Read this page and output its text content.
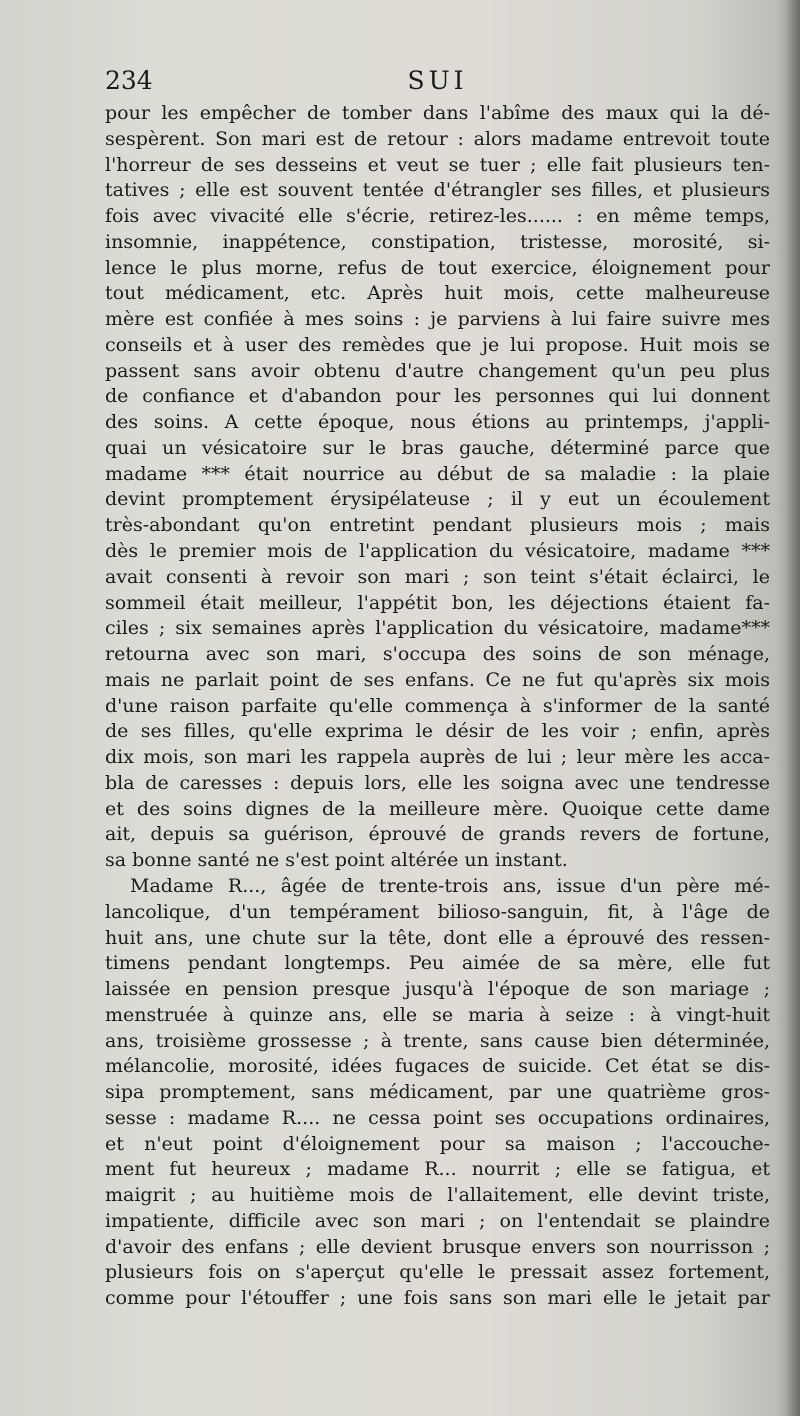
234	SUI
pour les empêcher de tomber dans l'abîme des maux qui la dé-
sespèrent. Son mari est de retour : alors madame entrevoit toute
l'horreur de ses desseins et veut se tuer ; elle fait plusieurs ten-
tatives ; elle est souvent tentée d'étrangler ses filles, et plusieurs
fois avec vivacité elle s'écrie, retirez-les...... : en même temps,
insomnie, inappétence, constipation, tristesse, morosité, si-
lence le plus morne, refus de tout exercice, éloignement pour
tout médicament, etc. Après huit mois, cette malheureuse
mère est confiée à mes soins : je parviens à lui faire suivre mes
conseils et à user des remèdes que je lui propose. Huit mois se
passent sans avoir obtenu d'autre changement qu'un peu plus
de confiance et d'abandon pour les personnes qui lui donnent
des soins. A cette époque, nous étions au printemps, j'appli-
quai un vésicatoire sur le bras gauche, déterminé parce que
madame *** était nourrice au début de sa maladie : la plaie
devint promptement érysipélateuse ; il y eut un écoulement
très-abondant qu'on entretint pendant plusieurs mois ; mais
dès le premier mois de l'application du vésicatoire, madame ***
avait consenti à revoir son mari ; son teint s'était éclairci, le
sommeil était meilleur, l'appétit bon, les déjections étaient fa-
ciles ; six semaines après l'application du vésicatoire, madame***
retourna avec son mari, s'occupa des soins de son ménage,
mais ne parlait point de ses enfans. Ce ne fut qu'après six mois
d'une raison parfaite qu'elle commença à s'informer de la santé
de ses filles, qu'elle exprima le désir de les voir ; enfin, après
dix mois, son mari les rappela auprès de lui ; leur mère les acca-
bla de caresses : depuis lors, elle les soigna avec une tendresse
et des soins dignes de la meilleure mère. Quoique cette dame
ait, depuis sa guérison, éprouvé de grands revers de fortune,
sa bonne santé ne s'est point altérée un instant.
Madame R..., âgée de trente-trois ans, issue d'un père mé-
lancolique, d'un tempérament bilioso-sanguin, fit, à l'âge de
huit ans, une chute sur la tête, dont elle a éprouvé des ressen-
timens pendant longtemps. Peu aimée de sa mère, elle fut
laissée en pension presque jusqu'à l'époque de son mariage ;
menstruée à quinze ans, elle se maria à seize : à vingt-huit
ans, troisième grossesse ; à trente, sans cause bien déterminée,
mélancolie, morosité, idées fugaces de suicide. Cet état se dis-
sipa promptement, sans médicament, par une quatrième gros-
sesse : madame R.... ne cessa point ses occupations ordinaires,
et n'eut point d'éloignement pour sa maison ; l'accouche-
ment fut heureux ; madame R... nourrit ; elle se fatigua, et
maigrit ; au huitième mois de l'allaitement, elle devint triste,
impatiente, difficile avec son mari ; on l'entendait se plaindre
d'avoir des enfans ; elle devient brusque envers son nourrisson ;
plusieurs fois on s'aperçut qu'elle le pressait assez fortement,
comme pour l'étouffer ; une fois sans son mari elle le jetait par
